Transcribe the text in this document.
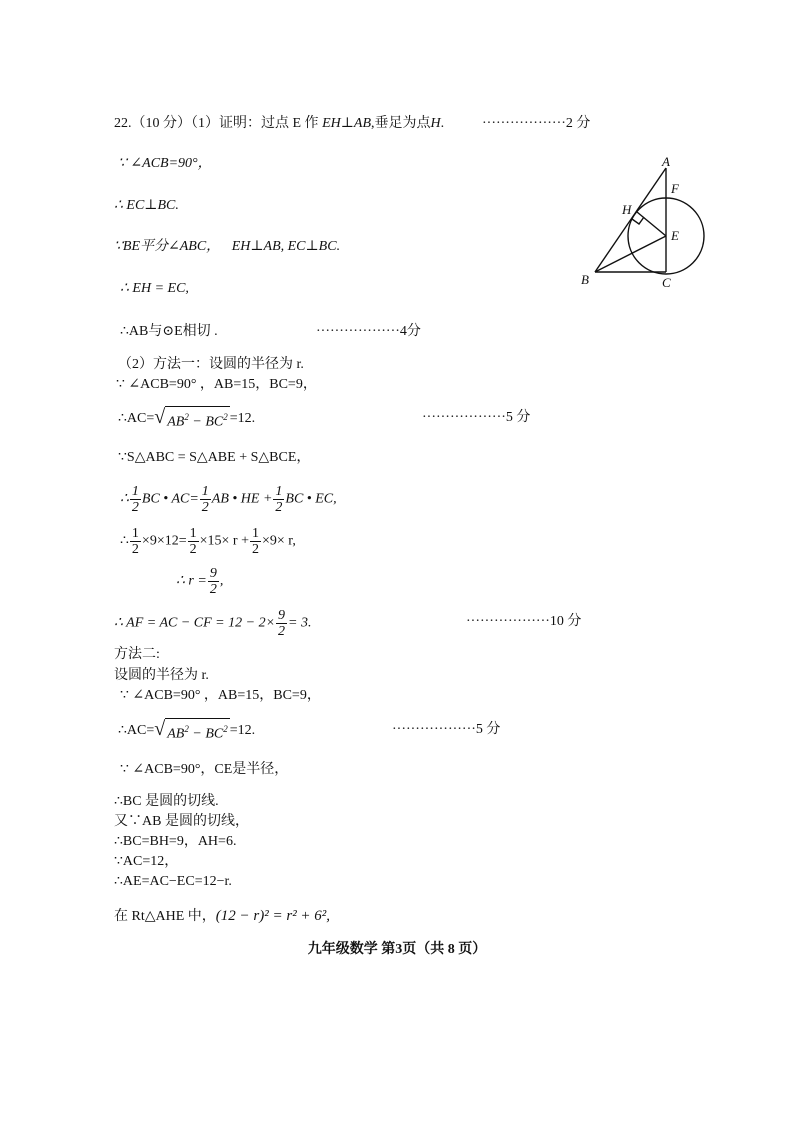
22.（10 分）（1）证明：过点 E 作 EH⊥AB,垂足为点H.	··················2 分
∵ ∠ACB=90°，
∴ EC⊥BC.
∵BE平分∠ABC， EH⊥AB, EC⊥BC.
∴ EH = EC,
∴AB与⊙E相切 .	··················4分
A
F
H
E
B	C
（2）方法一：设圆的半径为 r.
∵ ∠ACB=90° ，AB=15，BC=9，
∴AC= √ $AB^2 - BC^2 =12$.	··················5 分
∵S△ABC = S△ABE + S△BCE，
∴ $\frac{1}{2}$ BC • $AC= \frac{1}{2}$ AB • HE + $\frac{1}{2}$ BC • EC,
∴ $\frac{1}{2} \times 9\times 12= \frac{1}{2} \times 15\times r + \frac{1}{2} \times 9\times r$,
∴ $r = \frac{9}{2}$ ,
∴ AF = AC − CF = $12 - 2\times \frac{9}{2} = 3$.	··················10 分
方法二:
设圆的半径为 r.
∵ ∠ACB=90° ，AB=15，BC=9，
∴AC= √ $AB^2 - BC^2 =12$.	··················5 分
∵ ∠ACB=90°，CE是半径，
∴BC 是圆的切线.
又∵AB 是圆的切线，
∴BC=BH=9，AH=6.
∵AC=12，
∴AE=AC−EC=12−r.
在 Rt△AHE 中，(12 − r)² = r² + 6²,
九年级数学 第3页（共 8 页）
